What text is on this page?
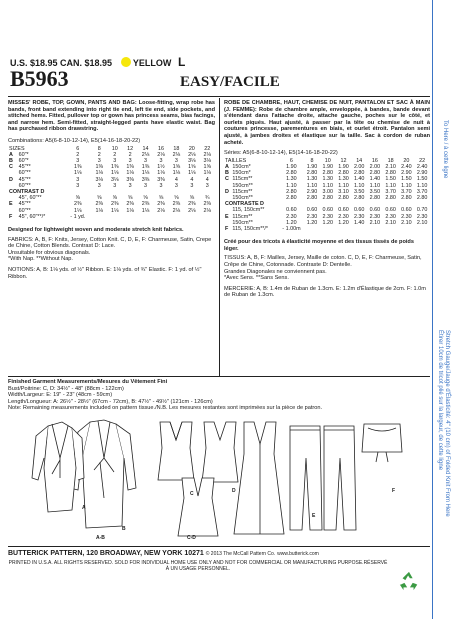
U.S. $18.95 CAN. $18.95 YELLOW L
B5963	EASY/FACILE
MISSES' ROBE, TOP, GOWN, PANTS AND BAG: Loose-fitting, wrap robe has bands, front band extending into right tie end, left tie end, side pockets, and stitched hems. Fitted, pullover top or gown has princess seams, bias facings, and narrow hem. Semi-fitted, straight-legged pants have elastic waist. Bag has purchased ribbon drawstring.
Combinations: A5(6-8-10-12-14), E5(14-16-18-20-22)
SIZES		6	8	10	12	14	16	18	20	22
A	60"*	2	2	2	2	2⅛	2⅛	2⅛	2⅛	2⅛
B	60"*	3	3	3	3	3	3	3	3⅛	3⅛
C	45"**	1⅜	1⅜	1⅜	1⅜	1⅜	1½	1⅝	1⅝	1⅝
	60"**	1⅛	1⅛	1⅛	1⅛	1⅛	1⅛	1⅛	1⅛	1⅛
D	45"**	3	3⅛	3⅛	3⅜	3⅜	3⅜	4	4	4
	60"**	3	3	3	3	3	3	3	3	3
CONTRAST D										
	45", 60"**	⅝	⅝	⅝	⅝	⅝	⅝	⅝	⅝	¾
E	45"**	2⅜	2⅜	2⅜	2⅜	2⅜	2⅜	2⅜	2⅜	2⅜
	60"**	1⅛	1⅛	1⅛	1⅛	1⅛	2⅛	2⅛	2⅛	2⅛
F	45", 60"**/*	- 1 yd.								
Designed for lightweight woven and moderate stretch knit fabrics.
FABRICS: A, B, F: Knits, Jersey, Cotton Knit. C, D, E, F: Charmeuse, Satin, Crepe de Chine, Cotton Blends. Contrast D: Lace.
Unsuitable for obvious diagonals.
*With Nap. **Without Nap.
NOTIONS: A, B: 1⅛ yds. of ½" Ribbon. E: 1⅛ yds. of ¾" Elastic. F: 1 yd. of ½" Ribbon.
ROBE DE CHAMBRE, HAUT, CHEMISE DE NUIT, PANTALON ET SAC À MAIN (J. FEMME): Robe de chambre ample, enveloppée, à bandes, bande devant s'étendant dans l'attache droite, attache gauche, poches sur le côté, et ourlets piqués. Haut ajusté, à passer par la tête ou chemise de nuit à coutures princesse, parementures en biais, et ourlet étroit. Pantalon semi ajusté, à jambes droites et élastique sur la taille. Sac à cordon de ruban acheté.
Séries: A5(6-8-10-12-14), E5(14-16-18-20-22)
TAILLES		6	8	10	12	14	16	18	20	22
A	150cm*	1.90	1.90	1.90	1.90	2.00	2.00	2.10	2.40	2.40
B	150cm*	2.80	2.80	2.80	2.80	2.80	2.80	2.80	2.90	2.90
C	115cm**	1.30	1.30	1.30	1.30	1.40	1.40	1.50	1.50	1.50
	150cm**	1.10	1.10	1.10	1.10	1.10	1.10	1.10	1.10	1.10
D	115cm**	2.80	2.90	3.00	3.10	3.50	3.50	3.70	3.70	3.70
	150cm**	2.80	2.80	2.80	2.80	2.80	2.80	2.80	2.80	2.80
CONTRASTE D										
	115, 150cm**	0.60	0.60	0.60	0.60	0.60	0.60	0.60	0.60	0.70
E	115cm**	2.30	2.30	2.30	2.30	2.30	2.30	2.30	2.30	2.30
	150cm**	1.20	1.20	1.20	1.20	1.40	2.10	2.10	2.10	2.10
F	115, 150cm**/*	- 1.00m								
Créé pour des tricots à élasticité moyenne et des tissus tissés de poids léger.
TISSUS: A, B, F: Mailles, Jersey, Maille de coton. C, D, E, F: Charmeuse, Satin, Crêpe de Chine, Cotonnade. Contraste D: Dentelle.
Grandes Diagonales ne conviennent pas.
*Avec Sens. **Sans Sens.
MERCERIE: A, B: 1.4m de Ruban de 1.3cm. E: 1.2m d'Élastique de 2cm. F: 1.0m de Ruban de 1.3cm.
Finished Garment Measurements/Mesures du Vêtement Fini
Bust/Poitrine: C, D: 34½" - 48" (88cm - 122cm)
Width/Largeur: E: 19" - 23" (48cm - 59cm)
Length/Longueur: A: 26½" - 28½" (67cm - 72cm), B: 47½" - 49½" (121cm - 126cm)
Note: Remaining measurements included on pattern tissue./N.B. Les mesures restantes sont imprimées sur la pièce de patron.
A
B
A-B
C	D
C-D
E
F
BUTTERICK PATTERN, 120 BROADWAY, NEW YORK 10271 © 2013 The McCall Pattern Co. www.butterick.com
PRINTED IN U.S.A. ALL RIGHTS RESERVED. SOLD FOR INDIVIDUAL HOME USE ONLY AND NOT FOR COMMERCIAL OR MANUFACTURING PURPOSE.RÉSERVÉ À UN USAGE PERSONNEL.
To Here / à cette ligne
Stretch Gauge/Jauge d'Élasticité: 4" (10 cm) of Folded Knit From Here
Étirer 10cm de tricot plié sur la largeur, de cette ligne
